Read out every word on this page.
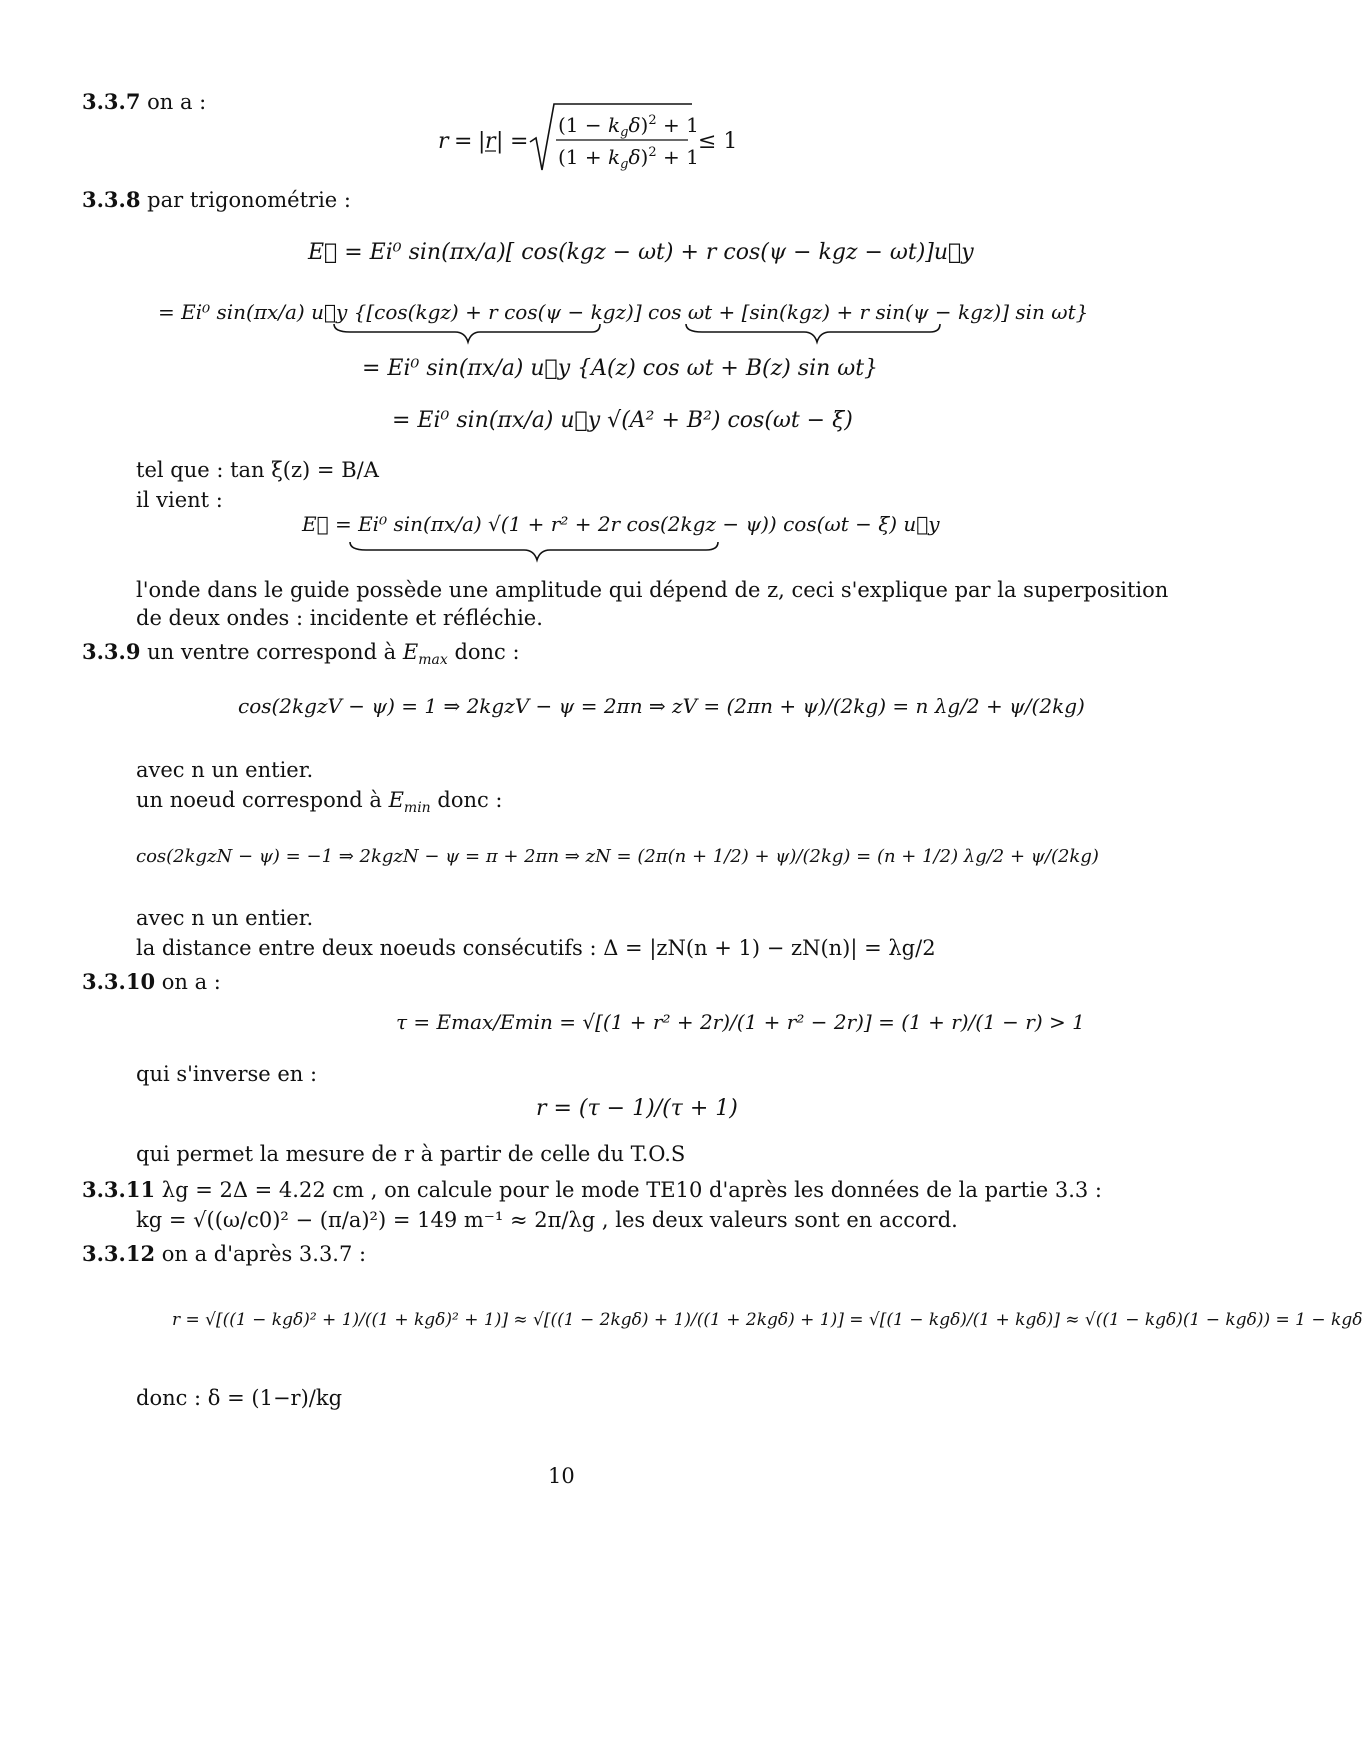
3.3.7 on a :
r = | r | =
$(1 - k_g\delta)^2 + 1$
$(1 + k_g\delta)^2 + 1$
≤ 1
3.3.8 par trigonométrie :
E⃗ = Ei⁰ sin(πx/a)[ cos(kgz − ωt) + r cos(ψ − kgz − ωt)]u⃗y
= Ei⁰ sin(πx/a) u⃗y {[cos(kgz) + r cos(ψ − kgz)] cos ωt + [sin(kgz) + r sin(ψ − kgz)] sin ωt}
= Ei⁰ sin(πx/a) u⃗y {A(z) cos ωt + B(z) sin ωt}
= Ei⁰ sin(πx/a) u⃗y √(A² + B²) cos(ωt − ξ)
tel que : tan ξ(z) = B/A
il vient :
E⃗ = Ei⁰ sin(πx/a) √(1 + r² + 2r cos(2kgz − ψ)) cos(ωt − ξ) u⃗y
l'onde dans le guide possède une amplitude qui dépend de z, ceci s'explique par la superposition
de deux ondes : incidente et réfléchie.
3.3.9 un ventre correspond à $E_{max}$ donc :
cos(2kgzV − ψ) = 1 ⇒ 2kgzV − ψ = 2πn ⇒ zV = (2πn + ψ)/(2kg) = n λg/2 + ψ/(2kg)
avec n un entier.
un noeud correspond à $E_{min}$ donc :
cos(2kgzN − ψ) = −1 ⇒ 2kgzN − ψ = π + 2πn ⇒ zN = (2π(n + 1/2) + ψ)/(2kg) = (n + 1/2) λg/2 + ψ/(2kg)
avec n un entier.
la distance entre deux noeuds consécutifs : Δ = |zN(n + 1) − zN(n)| = λg/2
3.3.10 on a :
τ = Emax/Emin = √[(1 + r² + 2r)/(1 + r² − 2r)] = (1 + r)/(1 − r) > 1
qui s'inverse en :
r = (τ − 1)/(τ + 1)
qui permet la mesure de r à partir de celle du T.O.S
3.3.11 λg = 2Δ = 4.22 cm , on calcule pour le mode TE10 d'après les données de la partie 3.3 :
kg = √((ω/c0)² − (π/a)²) = 149 m⁻¹ ≈ 2π/λg , les deux valeurs sont en accord.
3.3.12 on a d'après 3.3.7 :
r = √[((1 − kgδ)² + 1)/((1 + kgδ)² + 1)] ≈ √[((1 − 2kgδ) + 1)/((1 + 2kgδ) + 1)] = √[(1 − kgδ)/(1 + kgδ)] ≈ √((1 − kgδ)(1 − kgδ)) = 1 − kgδ
donc : δ = (1−r)/kg
10
